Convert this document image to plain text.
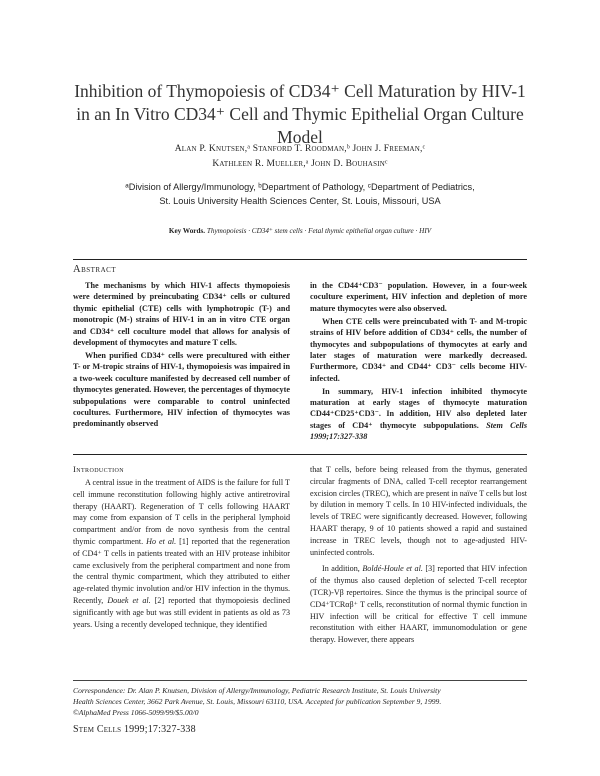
Inhibition of Thymopoiesis of CD34⁺ Cell Maturation by HIV-1
in an In Vitro CD34⁺ Cell and Thymic Epithelial Organ Culture Model
Alan P. Knutsen,ᵃ Stanford T. Roodman,ᵇ John J. Freeman,ᶜ
Kathleen R. Mueller,ᵃ John D. Bouhasinᶜ
ᵃDivision of Allergy/Immunology, ᵇDepartment of Pathology, ᶜDepartment of Pediatrics,
St. Louis University Health Sciences Center, St. Louis, Missouri, USA
Key Words. Thymopoiesis · CD34⁺ stem cells · Fetal thymic epithelial organ culture · HIV
Abstract

The mechanisms by which HIV-1 affects thymopoiesis were determined by preincubating CD34⁺ cells or cultured thymic epithelial (CTE) cells with lymphotropic (T-) and monotropic (M-) strains of HIV-1 in an in vitro CTE organ and CD34⁺ cell coculture model that allows for analysis of development of thymocytes and mature T cells.

When purified CD34⁺ cells were precultured with either T- or M-tropic strains of HIV-1, thymopoiesis was impaired in a two-week coculture manifested by decreased cell number of thymocytes generated. However, the percentages of thymocyte subpopulations were comparable to control uninfected cocultures. Furthermore, HIV infection of thymocytes was predominantly observed

in the CD44⁺CD3⁻ population. However, in a four-week coculture experiment, HIV infection and depletion of more mature thymocytes were also observed.

When CTE cells were preincubated with T- and M-tropic strains of HIV before addition of CD34⁺ cells, the number of thymocytes and subpopulations of thymocytes at early and later stages of maturation were markedly decreased. Furthermore, CD34⁺ and CD44⁺ CD3⁻ cells become HIV-infected.

In summary, HIV-1 infection inhibited thymocyte maturation at early stages of thymocyte maturation CD44⁺CD25⁺CD3⁻. In addition, HIV also depleted later stages of CD4⁺ thymocyte subpopulations. Stem Cells 1999;17:327-338

Introduction

A central issue in the treatment of AIDS is the failure for full T cell immune reconstitution following highly active antiretroviral therapy (HAART). Regeneration of T cells following HAART may come from expansion of T cells in the peripheral lymphoid compartment and/or from de novo synthesis from the central thymic compartment. Ho et al. [1] reported that the regeneration of CD4⁺ T cells in patients treated with an HIV protease inhibitor came exclusively from the peripheral compartment and none from the central thymic compartment, which they attributed to either age-related thymic involution and/or HIV infection in the thymus. Recently, Douek et al. [2] reported that thymopoiesis declined significantly with age but was still evident in patients as old as 73 years. Using a recently developed technique, they identified

that T cells, before being released from the thymus, generated circular fragments of DNA, called T-cell receptor rearrangement excision circles (TREC), which are present in naïve T cells but lost by dilution in memory T cells. In 10 HIV-infected individuals, the levels of TREC were significantly decreased. However, following HAART therapy, 9 of 10 patients showed a rapid and sustained increase in TREC levels, though not to age-adjusted HIV-uninfected controls.

In addition, Boldé-Houle et al. [3] reported that HIV infection of the thymus also caused depletion of selected T-cell receptor (TCR)-Vβ repertoires. Since the thymus is the principal source of CD4⁺TCRαβ⁺ T cells, reconstitution of normal thymic function in HIV infection will be critical for effective T cell immune reconstitution with either HAART, immunomodulation or gene therapy. However, there appears

Correspondence: Dr. Alan P. Knutsen, Division of Allergy/Immunology, Pediatric Research Institute, St. Louis University
Health Sciences Center, 3662 Park Avenue, St. Louis, Missouri 63110, USA. Accepted for publication September 9, 1999.
©AlphaMed Press 1066-5099/99/$5.00/0
Stem Cells 1999;17:327-338
